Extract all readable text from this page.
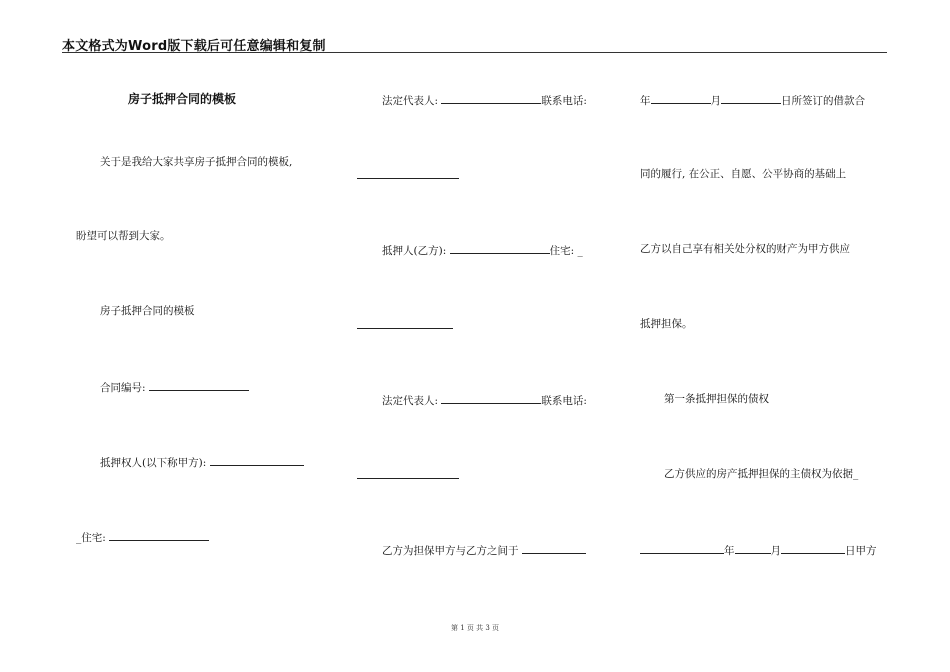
本文格式为Word版下载后可任意编辑和复制
房子抵押合同的模板
关于是我给大家共享房子抵押合同的模板,
盼望可以帮到大家。
房子抵押合同的模板
合同编号:
抵押权人(以下称甲方):
_住宅:
法定代表人:	联系电话:
抵押人(乙方):	住宅: _
法定代表人:	联系电话:
乙方为担保甲方与乙方之间于
年	月	日所签订的借款合
同的履行, 在公正、自愿、公平协商的基础上
乙方以自己享有相关处分权的财产为甲方供应
抵押担保。
第一条抵押担保的债权
乙方供应的房产抵押担保的主债权为依据_
年	月	日甲方
第 1 页 共 3 页
